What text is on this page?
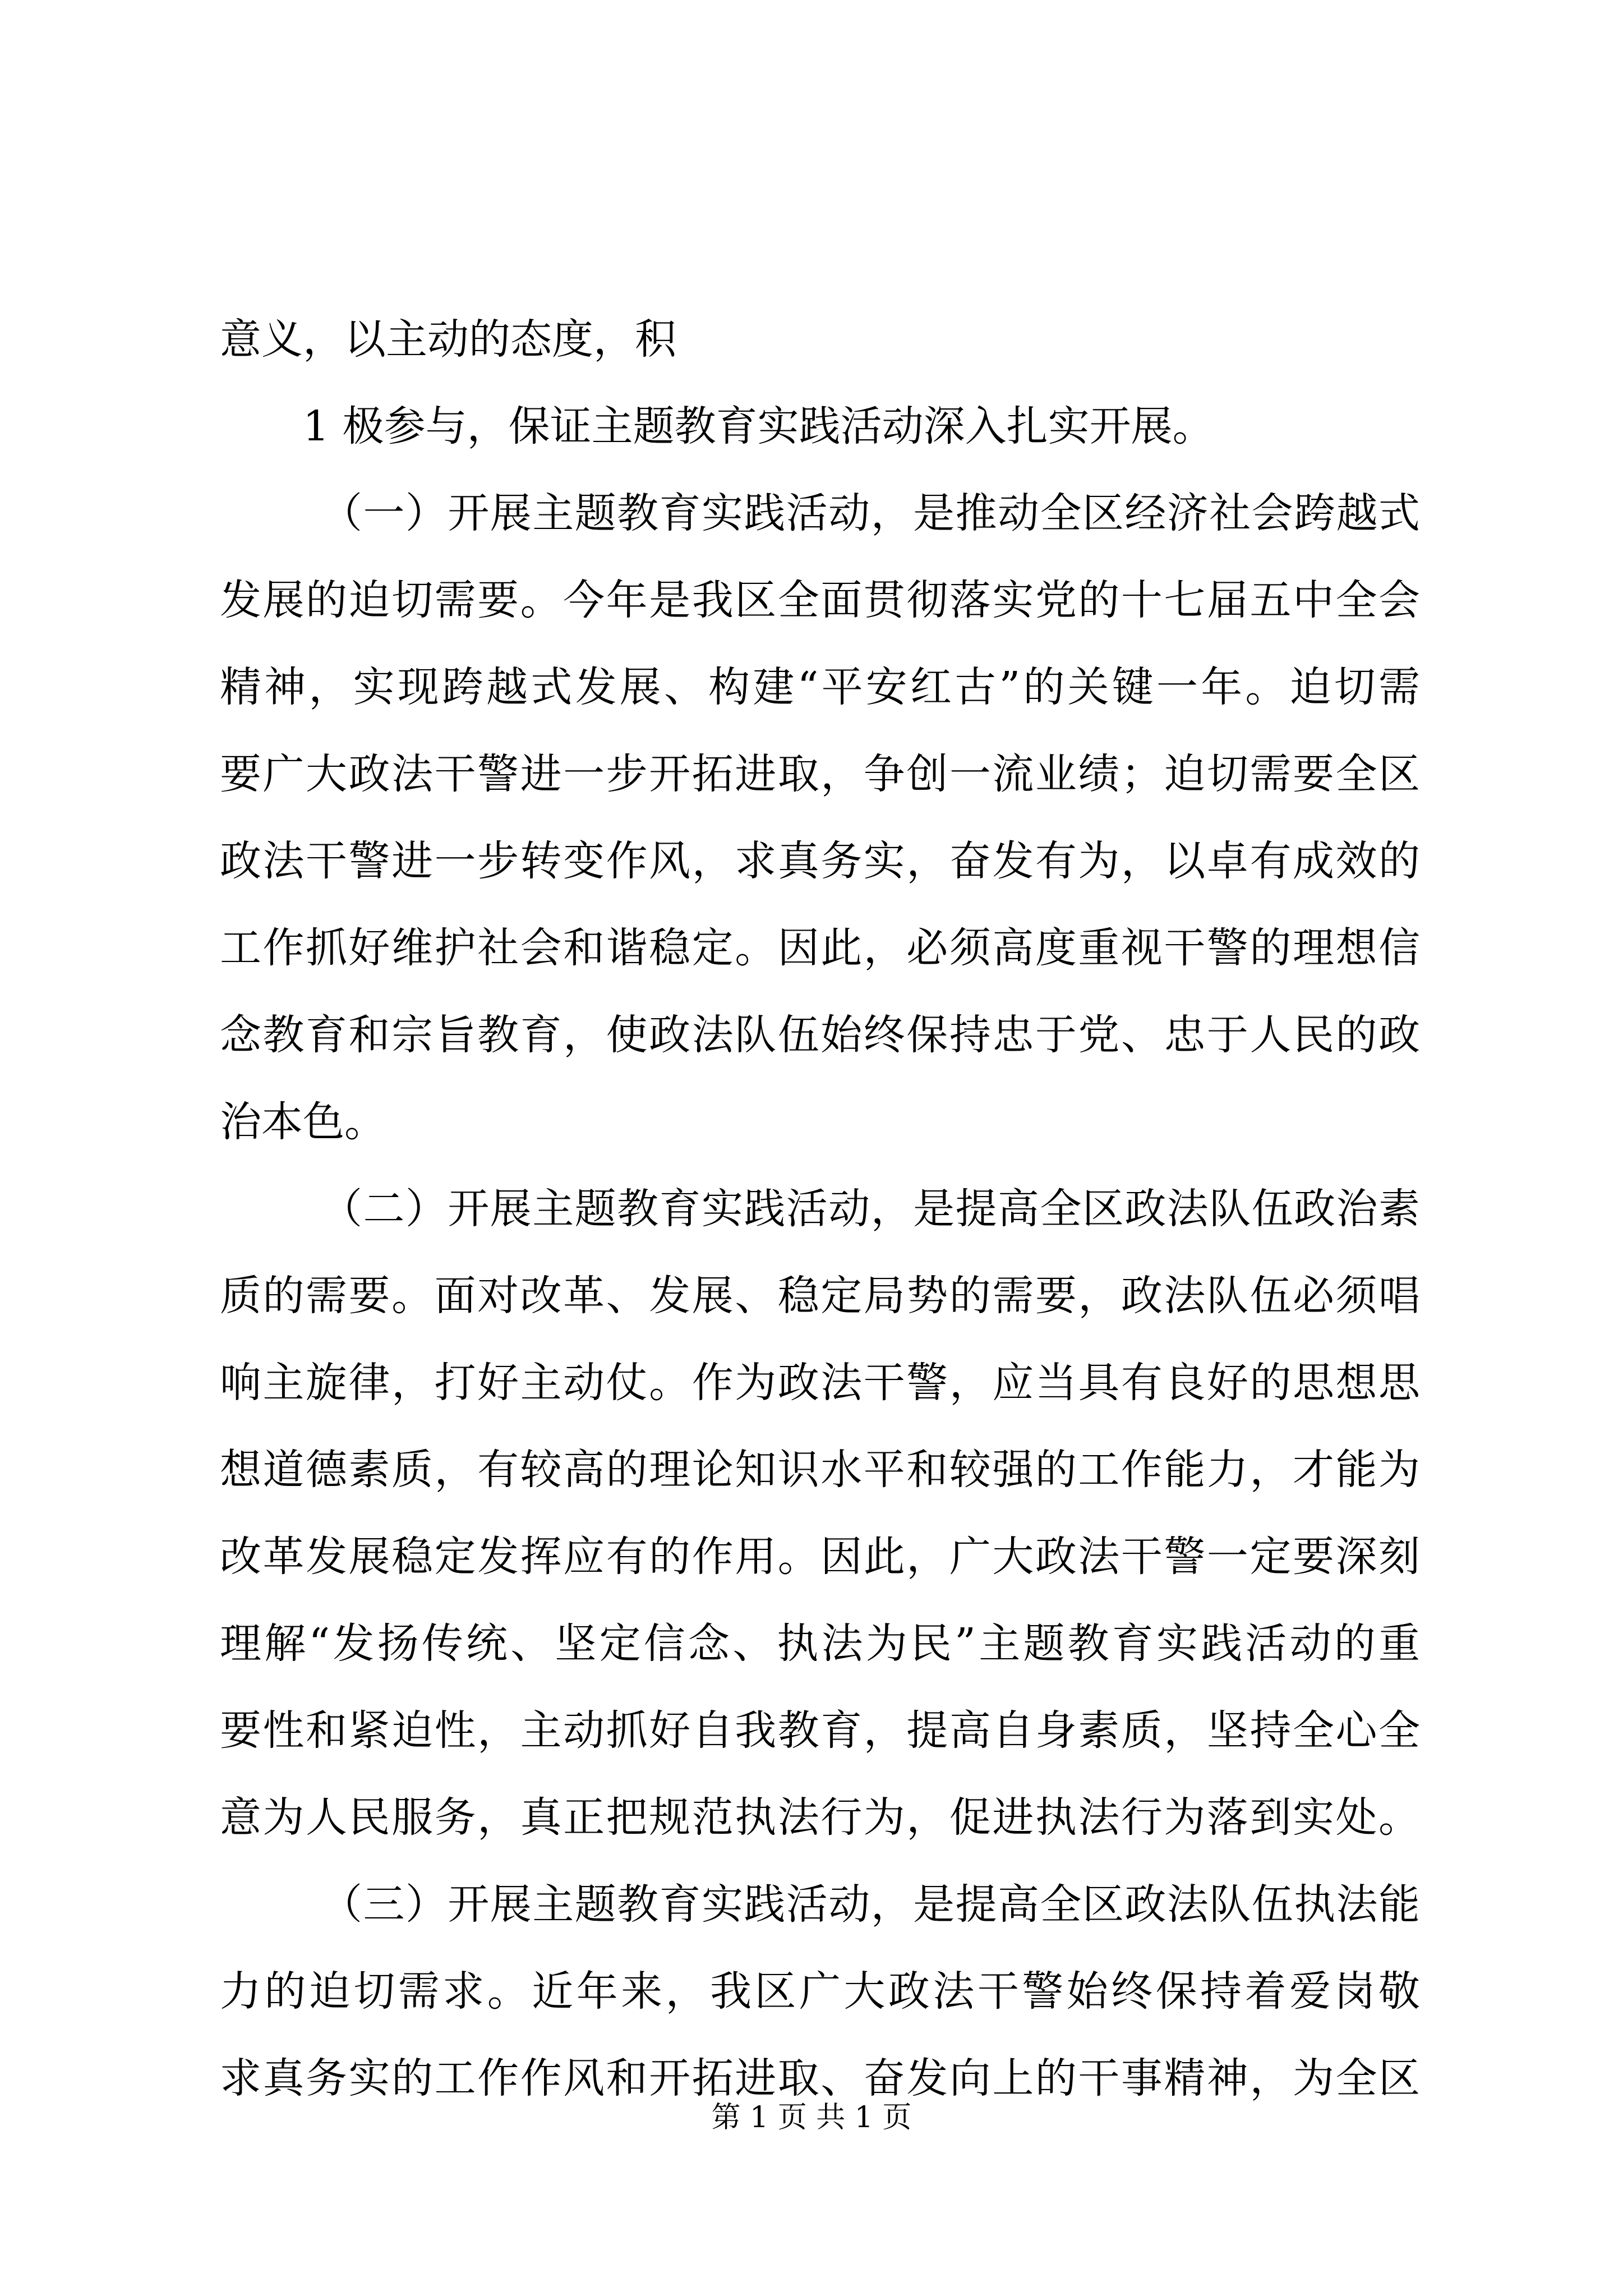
意义，以主动的态度，积
1 极参与，保证主题教育实践活动深入扎实开展。
（一）开展主题教育实践活动，是推动全区经济社会跨越式
发展的迫切需要。今年是我区全面贯彻落实党的十七届五中全会
精神，实现跨越式发展、构建“平安红古”的关键一年。迫切需
要广大政法干警进一步开拓进取，争创一流业绩；迫切需要全区
政法干警进一步转变作风，求真务实，奋发有为，以卓有成效的
工作抓好维护社会和谐稳定。因此，必须高度重视干警的理想信
念教育和宗旨教育，使政法队伍始终保持忠于党、忠于人民的政
治本色。
（二）开展主题教育实践活动，是提高全区政法队伍政治素
质的需要。面对改革、发展、稳定局势的需要，政法队伍必须唱
响主旋律，打好主动仗。作为政法干警，应当具有良好的思想思
想道德素质，有较高的理论知识水平和较强的工作能力，才能为
改革发展稳定发挥应有的作用。因此，广大政法干警一定要深刻
理解“发扬传统、坚定信念、执法为民”主题教育实践活动的重
要性和紧迫性，主动抓好自我教育，提高自身素质，坚持全心全
意为人民服务，真正把规范执法行为，促进执法行为落到实处。
（三）开展主题教育实践活动，是提高全区政法队伍执法能
力的迫切需求。近年来，我区广大政法干警始终保持着爱岗敬
求真务实的工作作风和开拓进取、奋发向上的干事精神，为全区
第 1 页 共 1 页
